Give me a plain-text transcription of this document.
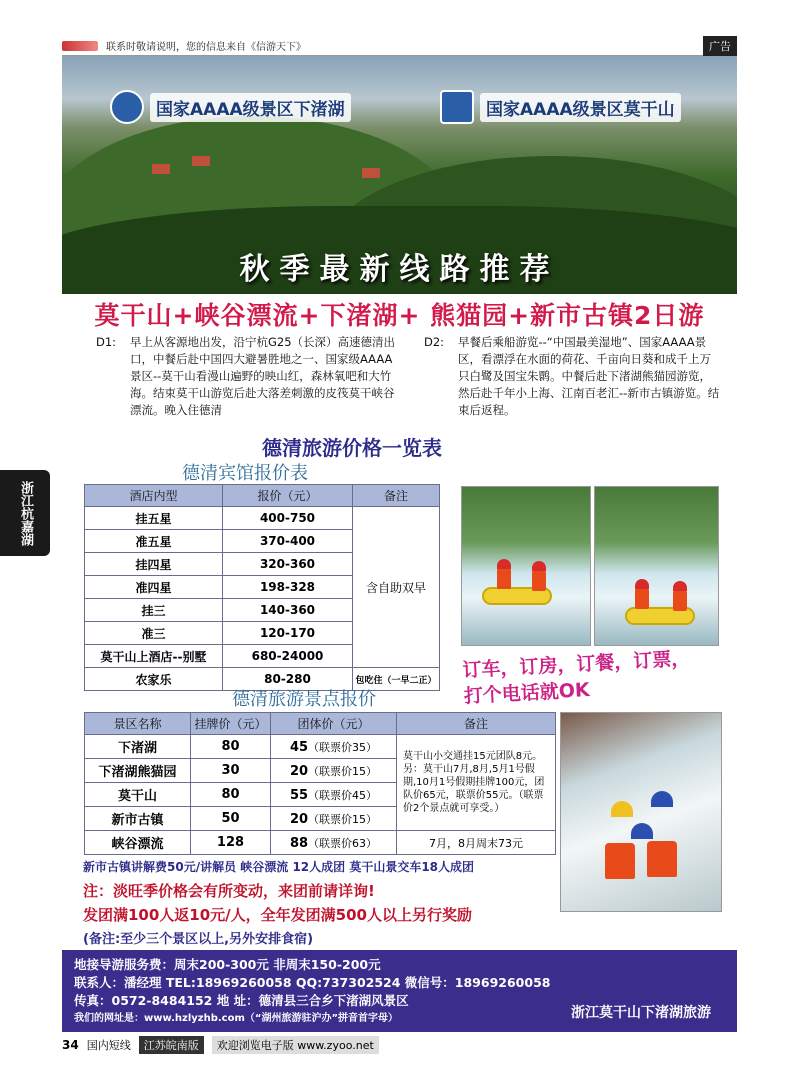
联系时敬请说明，您的信息来自《信游天下》	广告
国家AAAA级景区下渚湖	国家AAAA级景区莫干山
秋季最新线路推荐
莫干山+峡谷漂流+下渚湖+ 熊猫园+新市古镇2日游
D1:	早上从客源地出发，沿宁杭G25（长深）高速德清出口，中餐后赴中国四大避暑胜地之一、国家级AAAA景区--莫干山看漫山遍野的映山红，森林氧吧和大竹海。结束莫干山游览后赴大落差刺激的皮筏莫干峡谷漂流。晚入住德清
D2:	早餐后乘船游览--“中国最美湿地”、国家AAAA景区，看漂浮在水面的荷花、千亩向日葵和成千上万只白鹭及国宝朱鹮。中餐后赴下渚湖熊猫园游览，然后赴千年小上海、江南百老汇--新市古镇游览。结束后返程。
德清旅游价格一览表
德清宾馆报价表
酒店内型	报价（元）	备注
挂五星	400-750	含自助双早
准五星	370-400	
挂四星	320-360	
准四星	198-328	
挂三	140-360	
准三	120-170	
莫干山上酒店--别墅	680-24000	
农家乐	80-280	包吃住（一早二正） 订车，订房，订餐，订票，
打个电话就OK
德清旅游景点报价
景区名称	挂牌价（元）	团体价（元）	备注
下渚湖	80	45（联票价35）	莫干山小交通挂15元团队8元。另：莫干山7月,8月,5月1号假期,10月1号假期挂牌100元，团队价65元，联票价55元。（联票价2个景点就可享受。）
下渚湖熊猫园	30	20（联票价15）	
莫干山	80	55（联票价45）	
新市古镇	50	20（联票价15）	
峡谷漂流	128	88（联票价63）	7月，8月周末73元
新市古镇讲解费50元/讲解员 峡谷漂流 12人成团 莫干山景交车18人成团
注：淡旺季价格会有所变动，来团前请详询!
发团满100人返10元/人，全年发团满500人以上另行奖励
(备注:至少三个景区以上,另外安排食宿)
地接导游服务费：周末200-300元 非周末150-200元
联系人：潘经理 TEL:18969260058 QQ:737302524 微信号：18969260058
传真：0572-8484152 地 址：德清县三合乡下渚湖风景区
我们的网址是：www.hzlyzhb.com（“湖州旅游驻沪办”拼音首字母）	浙江莫干山下渚湖旅游
浙江杭嘉湖
34 国内短线	江苏皖南版	欢迎浏览电子版 www.zyoo.net
